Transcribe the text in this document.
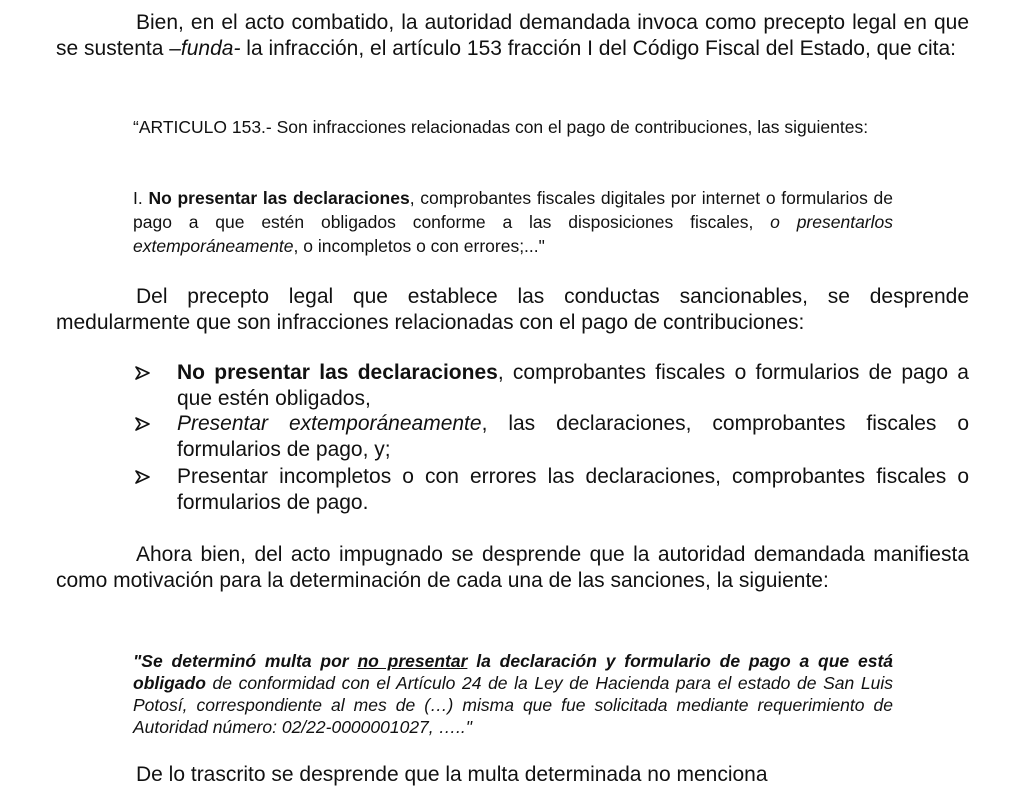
Bien, en el acto combatido, la autoridad demandada invoca como precepto legal en que se sustenta –funda- la infracción, el artículo 153 fracción I del Código Fiscal del Estado, que cita:

“ARTICULO 153.- Son infracciones relacionadas con el pago de contribuciones, las siguientes:

I. No presentar las declaraciones, comprobantes fiscales digitales por internet o formularios de pago a que estén obligados conforme a las disposiciones fiscales, o presentarlos extemporáneamente, o incompletos o con errores;..."

Del precepto legal que establece las conductas sancionables, se desprende medularmente que son infracciones relacionadas con el pago de contribuciones:

No presentar las declaraciones, comprobantes fiscales o formularios de pago a que estén obligados,
Presentar extemporáneamente, las declaraciones, comprobantes fiscales o formularios de pago, y;
Presentar incompletos o con errores las declaraciones, comprobantes fiscales o formularios de pago.

Ahora bien, del acto impugnado se desprende que la autoridad demandada manifiesta como motivación para la determinación de cada una de las sanciones, la siguiente:

"Se determinó multa por no presentar la declaración y formulario de pago a que está obligado de conformidad con el Artículo 24 de la Ley de Hacienda para el estado de San Luis Potosí, correspondiente al mes de (…) misma que fue solicitada mediante requerimiento de Autoridad número: 02/22-0000001027, ….."

De lo trascrito se desprende que la multa determinada no menciona
